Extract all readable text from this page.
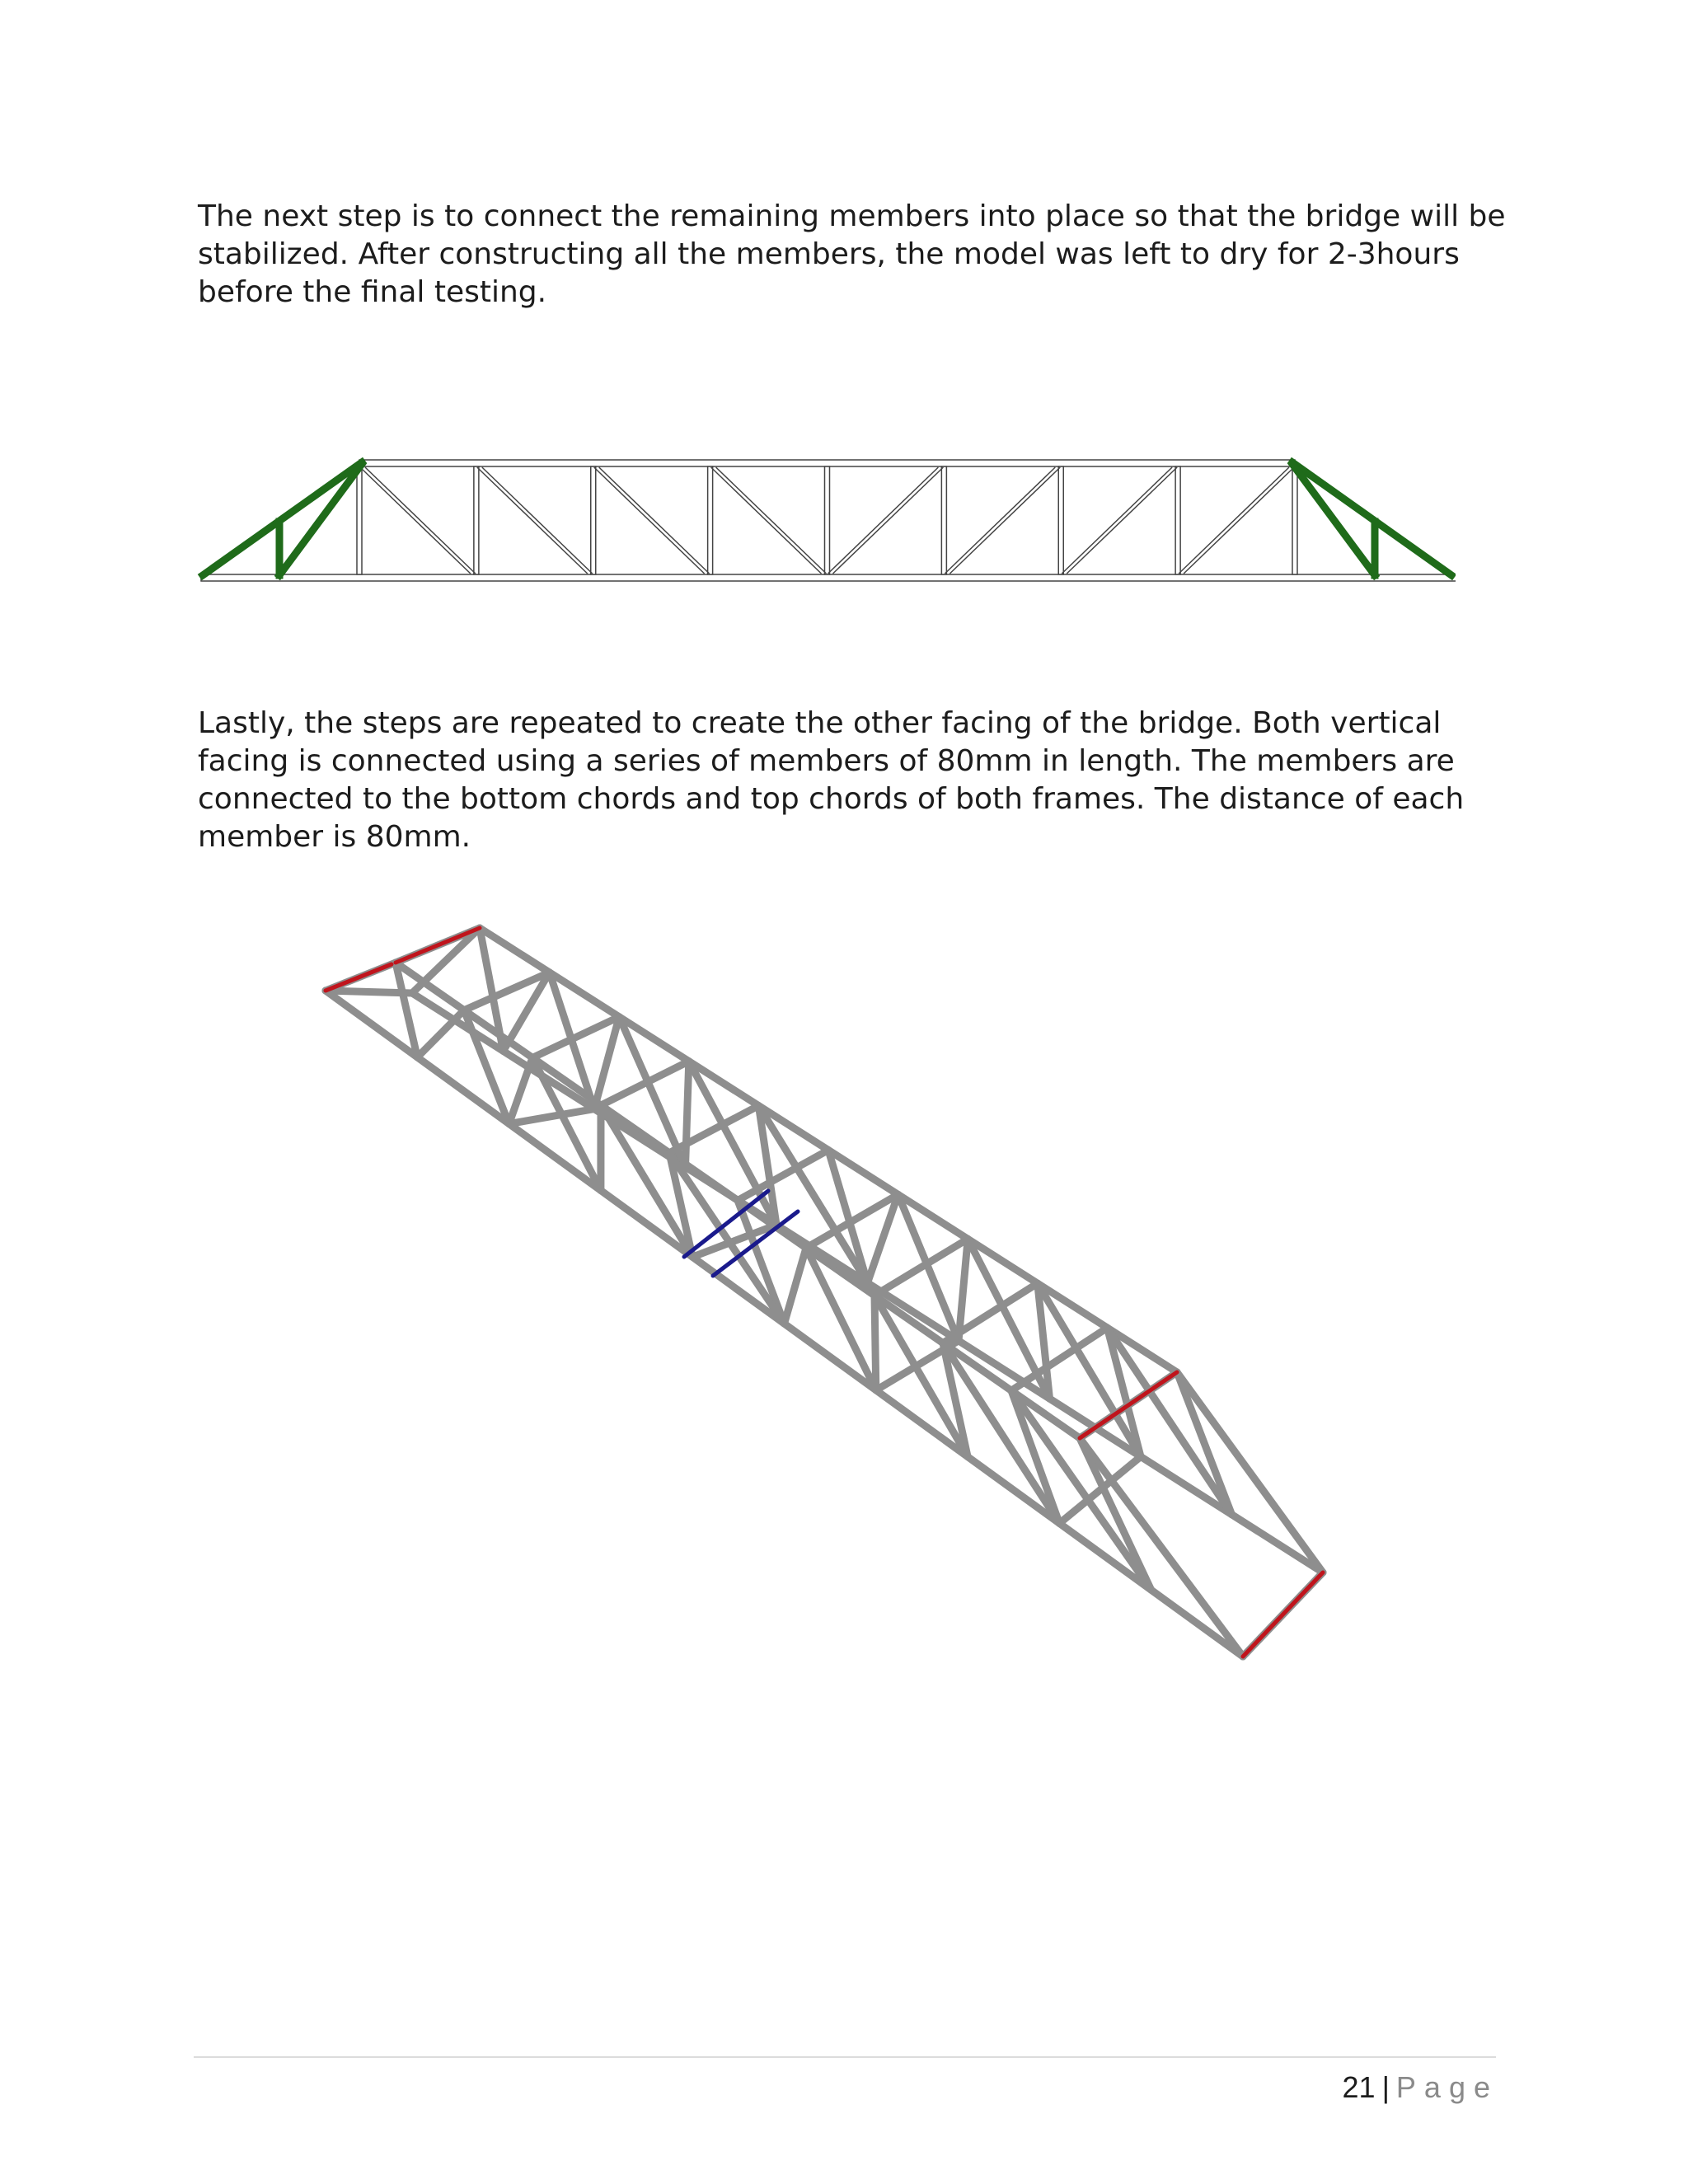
The next step is to connect the remaining members into place so that the bridge will be stabilized. After constructing all the members, the model was left to dry for 2-3hours before the final testing.

Lastly, the steps are repeated to create the other facing of the bridge. Both vertical facing is connected using a series of members of 80mm in length. The members are connected to the bottom chords and top chords of both frames. The distance of each member is 80mm.

21 | Page
